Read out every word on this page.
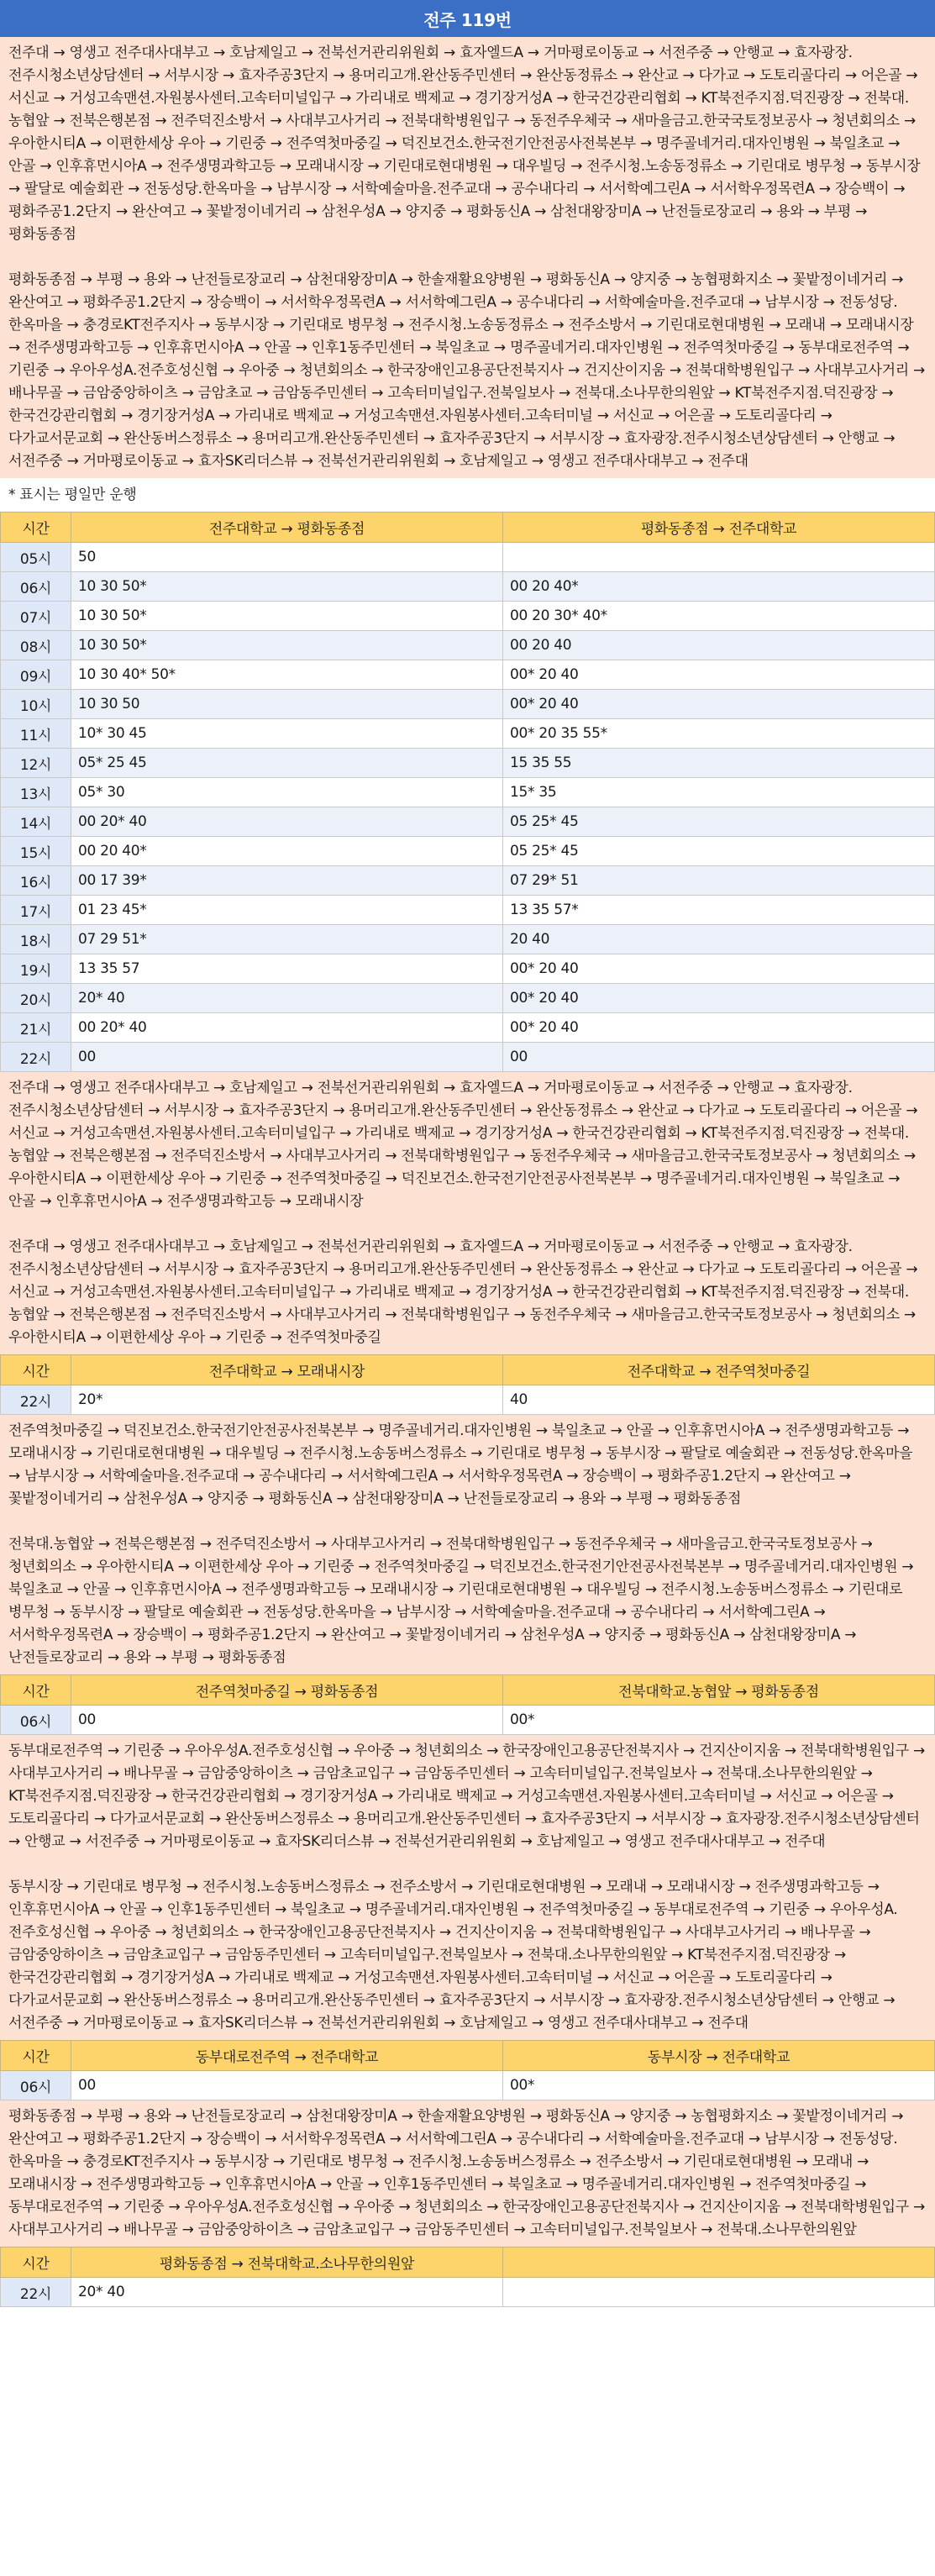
전주 119번

전주대 → 영생고 전주대사대부고 → 호남제일고 → 전북선거관리위원회 → 효자엘드A → 거마평로이동교 → 서전주중 → 안행교 → 효자광장.전주시청소년상담센터 → 서부시장 → 효자주공3단지 → 용머리고개.완산동주민센터 → 완산동정류소 → 완산교 → 다가교 → 도토리골다리 → 어은골 → 서신교 → 거성고속맨션.자원봉사센터.고속터미널입구 → 가리내로 백제교 → 경기장거성A → 한국건강관리협회 → KT북전주지점.덕진광장 → 전북대.농협앞 → 전북은행본점 → 전주덕진소방서 → 사대부고사거리 → 전북대학병원입구 → 동전주우체국 → 새마을금고.한국국토정보공사 → 청년회의소 → 우아한시티A → 이편한세상 우아 → 기린중 → 전주역첫마중길 → 덕진보건소.한국전기안전공사전북본부 → 명주골네거리.대자인병원 → 북일초교 → 안골 → 인후휴먼시아A → 전주생명과학고등 → 모래내시장 → 기린대로현대병원 → 대우빌딩 → 전주시청.노송동정류소 → 기린대로 병무청 → 동부시장 → 팔달로 예술회관 → 전동성당.한옥마을 → 남부시장 → 서학예술마을.전주교대 → 공수내다리 → 서서학예그린A → 서서학우정목련A → 장승백이 → 평화주공1.2단지 → 완산여고 → 꽃밭정이네거리 → 삼천우성A → 양지중 → 평화동신A → 삼천대왕장미A → 난전들로장교리 → 용와 → 부평 → 평화동종점

평화동종점 → 부평 → 용와 → 난전들로장교리 → 삼천대왕장미A → 한솔재활요양병원 → 평화동신A → 양지중 → 농협평화지소 → 꽃밭정이네거리 → 완산여고 → 평화주공1.2단지 → 장승백이 → 서서학우정목련A → 서서학예그린A → 공수내다리 → 서학예술마을.전주교대 → 남부시장 → 전동성당.한옥마을 → 충경로KT전주지사 → 동부시장 → 기린대로 병무청 → 전주시청.노송동정류소 → 전주소방서 → 기린대로현대병원 → 모래내 → 모래내시장 → 전주생명과학고등 → 인후휴먼시아A → 안골 → 인후1동주민센터 → 북일초교 → 명주골네거리.대자인병원 → 전주역첫마중길 → 동부대로전주역 → 기린중 → 우아우성A.전주호성신협 → 우아중 → 청년회의소 → 한국장애인고용공단전북지사 → 건지산이지움 → 전북대학병원입구 → 사대부고사거리 → 배나무골 → 금암중앙하이츠 → 금암초교 → 금암동주민센터 → 고속터미널입구.전북일보사 → 전북대.소나무한의원앞 → KT북전주지점.덕진광장 → 한국건강관리협회 → 경기장거성A → 가리내로 백제교 → 거성고속맨션.자원봉사센터.고속터미널 → 서신교 → 어은골 → 도토리골다리 → 다가교서문교회 → 완산동버스정류소 → 용머리고개.완산동주민센터 → 효자주공3단지 → 서부시장 → 효자광장.전주시청소년상담센터 → 안행교 → 서전주중 → 거마평로이동교 → 효자SK리더스뷰 → 전북선거관리위원회 → 호남제일고 → 영생고 전주대사대부고 → 전주대

* 표시는 평일만 운행
시간	전주대학교 → 평화동종점	평화동종점 → 전주대학교
05시	50	
06시	10 30 50*	00 20 40*
07시	10 30 50*	00 20 30* 40*
08시	10 30 50*	00 20 40
09시	10 30 40* 50*	00* 20 40
10시	10 30 50	00* 20 40
11시	10* 30 45	00* 20 35 55*
12시	05* 25 45	15 35 55
13시	05* 30	15* 35
14시	00 20* 40	05 25* 45
15시	00 20 40*	05 25* 45
16시	00 17 39*	07 29* 51
17시	01 23 45*	13 35 57*
18시	07 29 51*	20 40
19시	13 35 57	00* 20 40
20시	20* 40	00* 20 40
21시	00 20* 40	00* 20 40
22시	00	00

전주대 → 영생고 전주대사대부고 → 호남제일고 → 전북선거관리위원회 → 효자엘드A → 거마평로이동교 → 서전주중 → 안행교 → 효자광장.전주시청소년상담센터 → 서부시장 → 효자주공3단지 → 용머리고개.완산동주민센터 → 완산동정류소 → 완산교 → 다가교 → 도토리골다리 → 어은골 → 서신교 → 거성고속맨션.자원봉사센터.고속터미널입구 → 가리내로 백제교 → 경기장거성A → 한국건강관리협회 → KT북전주지점.덕진광장 → 전북대.농협앞 → 전북은행본점 → 전주덕진소방서 → 사대부고사거리 → 전북대학병원입구 → 동전주우체국 → 새마을금고.한국국토정보공사 → 청년회의소 → 우아한시티A → 이편한세상 우아 → 기린중 → 전주역첫마중길 → 덕진보건소.한국전기안전공사전북본부 → 명주골네거리.대자인병원 → 북일초교 → 안골 → 인후휴먼시아A → 전주생명과학고등 → 모래내시장

전주대 → 영생고 전주대사대부고 → 호남제일고 → 전북선거관리위원회 → 효자엘드A → 거마평로이동교 → 서전주중 → 안행교 → 효자광장.전주시청소년상담센터 → 서부시장 → 효자주공3단지 → 용머리고개.완산동주민센터 → 완산동정류소 → 완산교 → 다가교 → 도토리골다리 → 어은골 → 서신교 → 거성고속맨션.자원봉사센터.고속터미널입구 → 가리내로 백제교 → 경기장거성A → 한국건강관리협회 → KT북전주지점.덕진광장 → 전북대.농협앞 → 전북은행본점 → 전주덕진소방서 → 사대부고사거리 → 전북대학병원입구 → 동전주우체국 → 새마을금고.한국국토정보공사 → 청년회의소 → 우아한시티A → 이편한세상 우아 → 기린중 → 전주역첫마중길

시간	전주대학교 → 모래내시장	전주대학교 → 전주역첫마중길
22시	20*	40

전주역첫마중길 → 덕진보건소.한국전기안전공사전북본부 → 명주골네거리.대자인병원 → 북일초교 → 안골 → 인후휴먼시아A → 전주생명과학고등 → 모래내시장 → 기린대로현대병원 → 대우빌딩 → 전주시청.노송동버스정류소 → 기린대로 병무청 → 동부시장 → 팔달로 예술회관 → 전동성당.한옥마을 → 남부시장 → 서학예술마을.전주교대 → 공수내다리 → 서서학예그린A → 서서학우정목련A → 장승백이 → 평화주공1.2단지 → 완산여고 → 꽃밭정이네거리 → 삼천우성A → 양지중 → 평화동신A → 삼천대왕장미A → 난전들로장교리 → 용와 → 부평 → 평화동종점

전북대.농협앞 → 전북은행본점 → 전주덕진소방서 → 사대부고사거리 → 전북대학병원입구 → 동전주우체국 → 새마을금고.한국국토정보공사 → 청년회의소 → 우아한시티A → 이편한세상 우아 → 기린중 → 전주역첫마중길 → 덕진보건소.한국전기안전공사전북본부 → 명주골네거리.대자인병원 → 북일초교 → 안골 → 인후휴먼시아A → 전주생명과학고등 → 모래내시장 → 기린대로현대병원 → 대우빌딩 → 전주시청.노송동버스정류소 → 기린대로 병무청 → 동부시장 → 팔달로 예술회관 → 전동성당.한옥마을 → 남부시장 → 서학예술마을.전주교대 → 공수내다리 → 서서학예그린A → 서서학우정목련A → 장승백이 → 평화주공1.2단지 → 완산여고 → 꽃밭정이네거리 → 삼천우성A → 양지중 → 평화동신A → 삼천대왕장미A → 난전들로장교리 → 용와 → 부평 → 평화동종점

시간	전주역첫마중길 → 평화동종점	전북대학교.농협앞 → 평화동종점
06시	00	00*

동부대로전주역 → 기린중 → 우아우성A.전주호성신협 → 우아중 → 청년회의소 → 한국장애인고용공단전북지사 → 건지산이지움 → 전북대학병원입구 → 사대부고사거리 → 배나무골 → 금암중앙하이츠 → 금암초교입구 → 금암동주민센터 → 고속터미널입구.전북일보사 → 전북대.소나무한의원앞 → KT북전주지점.덕진광장 → 한국건강관리협회 → 경기장거성A → 가리내로 백제교 → 거성고속맨션.자원봉사센터.고속터미널 → 서신교 → 어은골 → 도토리골다리 → 다가교서문교회 → 완산동버스정류소 → 용머리고개.완산동주민센터 → 효자주공3단지 → 서부시장 → 효자광장.전주시청소년상담센터 → 안행교 → 서전주중 → 거마평로이동교 → 효자SK리더스뷰 → 전북선거관리위원회 → 호남제일고 → 영생고 전주대사대부고 → 전주대

동부시장 → 기린대로 병무청 → 전주시청.노송동버스정류소 → 전주소방서 → 기린대로현대병원 → 모래내 → 모래내시장 → 전주생명과학고등 → 인후휴먼시아A → 안골 → 인후1동주민센터 → 북일초교 → 명주골네거리.대자인병원 → 전주역첫마중길 → 동부대로전주역 → 기린중 → 우아우성A.전주호성신협 → 우아중 → 청년회의소 → 한국장애인고용공단전북지사 → 건지산이지움 → 전북대학병원입구 → 사대부고사거리 → 배나무골 → 금암중앙하이츠 → 금암초교입구 → 금암동주민센터 → 고속터미널입구.전북일보사 → 전북대.소나무한의원앞 → KT북전주지점.덕진광장 → 한국건강관리협회 → 경기장거성A → 가리내로 백제교 → 거성고속맨션.자원봉사센터.고속터미널 → 서신교 → 어은골 → 도토리골다리 → 다가교서문교회 → 완산동버스정류소 → 용머리고개.완산동주민센터 → 효자주공3단지 → 서부시장 → 효자광장.전주시청소년상담센터 → 안행교 → 서전주중 → 거마평로이동교 → 효자SK리더스뷰 → 전북선거관리위원회 → 호남제일고 → 영생고 전주대사대부고 → 전주대

시간	동부대로전주역 → 전주대학교	동부시장 → 전주대학교
06시	00	00*

평화동종점 → 부평 → 용와 → 난전들로장교리 → 삼천대왕장미A → 한솔재활요양병원 → 평화동신A → 양지중 → 농협평화지소 → 꽃밭정이네거리 → 완산여고 → 평화주공1.2단지 → 장승백이 → 서서학우정목련A → 서서학예그린A → 공수내다리 → 서학예술마을.전주교대 → 남부시장 → 전동성당.한옥마을 → 충경로KT전주지사 → 동부시장 → 기린대로 병무청 → 전주시청.노송동버스정류소 → 전주소방서 → 기린대로현대병원 → 모래내 → 모래내시장 → 전주생명과학고등 → 인후휴먼시아A → 안골 → 인후1동주민센터 → 북일초교 → 명주골네거리.대자인병원 → 전주역첫마중길 → 동부대로전주역 → 기린중 → 우아우성A.전주호성신협 → 우아중 → 청년회의소 → 한국장애인고용공단전북지사 → 건지산이지움 → 전북대학병원입구 → 사대부고사거리 → 배나무골 → 금암중앙하이츠 → 금암초교입구 → 금암동주민센터 → 고속터미널입구.전북일보사 → 전북대.소나무한의원앞

시간	평화동종점 → 전북대학교.소나무한의원앞	
22시	20* 40	
